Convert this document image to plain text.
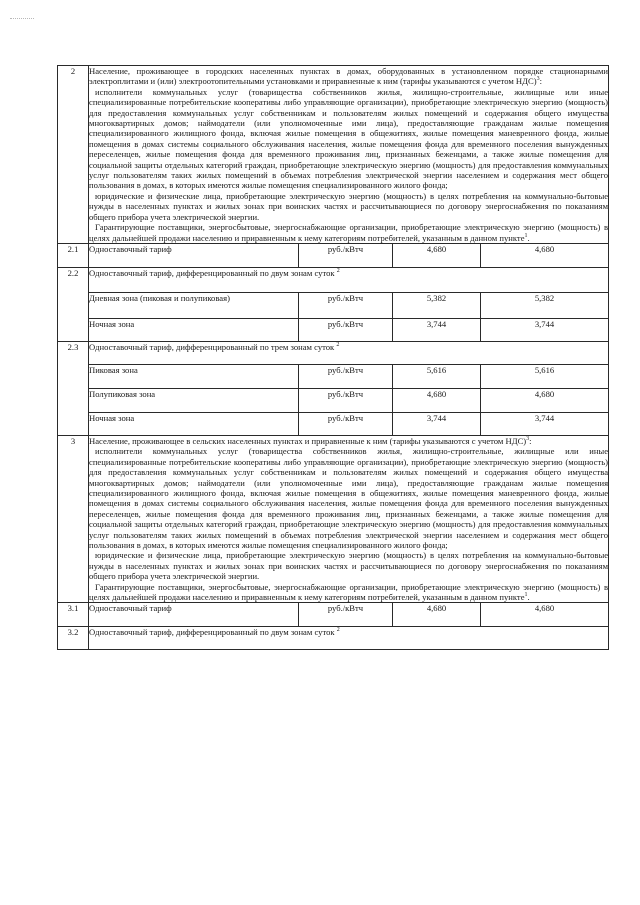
2	Население, проживающее в городских населенных пунктах в домах, оборудованных в установленном порядке стационарными электроплитами и (или) электроотопительными установками и приравненные к ним (тарифы указываются с учетом НДС)$^3$:

исполнители коммунальных услуг (товарищества собственников жилья, жилищно-строительные, жилищные или иные специализированные потребительские кооперативы либо управляющие организации), приобретающие электрическую энергию (мощность) для предоставления коммунальных услуг собственникам и пользователям жилых помещений и содержания общего имущества многоквартирных домов; наймодатели (или уполномоченные ими лица), предоставляющие гражданам жилые помещения специализированного жилищного фонда, включая жилые помещения в общежитиях, жилые помещения маневренного фонда, жилые помещения в домах системы социального обслуживания населения, жилые помещения фонда для временного поселения вынужденных переселенцев, жилые помещения фонда для временного проживания лиц, признанных беженцами, а также жилые помещения для социальной защиты отдельных категорий граждан, приобретающие электрическую энергию (мощность) для предоставления коммунальных услуг пользователям таких жилых помещений в объемах потребления электрической энергии населением и содержания мест общего пользования в домах, в которых имеются жилые помещения специализированного жилого фонда;

юридические и физические лица, приобретающие электрическую энергию (мощность) в целях потребления на коммунально-бытовые нужды в населенных пунктах и жилых зонах при воинских частях и рассчитывающиеся по договору энергоснабжения по показаниям общего прибора учета электрической энергии.

Гарантирующие поставщики, энергосбытовые, энергоснабжающие организации, приобретающие электрическую энергию (мощность) в целях дальнейшей продажи населению и приравненным к нему категориям потребителей, указанным в данном пункте$^1$.			

2.1	Одноставочный тариф	руб./кВтч	4,680	4,680
2.2	Одноставочный тариф, дифференцированный по двум зонам суток $^2$
	Дневная зона (пиковая и полупиковая)	руб./кВтч	5,382	5,382
	Ночная зона	руб./кВтч	3,744	3,744
2.3	Одноставочный тариф, дифференцированный по трем зонам суток $^2$
	Пиковая зона	руб./кВтч	5,616	5,616
	Полупиковая зона	руб./кВтч	4,680	4,680
	Ночная зона	руб./кВтч	3,744	3,744
3	Население, проживающее в сельских населенных пунктах и приравненные к ним (тарифы указываются с учетом НДС)$^3$:

исполнители коммунальных услуг (товарищества собственников жилья, жилищно-строительные, жилищные или иные специализированные потребительские кооперативы либо управляющие организации), приобретающие электрическую энергию (мощность) для предоставления коммунальных услуг собственникам и пользователям жилых помещений и содержания общего имущества многоквартирных домов; наймодатели (или уполномоченные ими лица), предоставляющие гражданам жилые помещения специализированного жилищного фонда, включая жилые помещения в общежитиях, жилые помещения маневренного фонда, жилые помещения в домах системы социального обслуживания населения, жилые помещения фонда для временного поселения вынужденных переселенцев, жилые помещения фонда для временного проживания лиц, признанных беженцами, а также жилые помещения для социальной защиты отдельных категорий граждан, приобретающие электрическую энергию (мощность) для предоставления коммунальных услуг пользователям таких жилых помещений в объемах потребления электрической энергии населением и содержания мест общего пользования в домах, в которых имеются жилые помещения специализированного жилого фонда;

юридические и физические лица, приобретающие электрическую энергию (мощность) в целях потребления на коммунально-бытовые нужды в населенных пунктах и жилых зонах при воинских частях и рассчитывающиеся по договору энергоснабжения по показаниям общего прибора учета электрической энергии.

Гарантирующие поставщики, энергосбытовые, энергоснабжающие организации, приобретающие электрическую энергию (мощность) в целях дальнейшей продажи населению и приравненным к нему категориям потребителей, указанным в данном пункте$^1$.			

3.1	Одноставочный тариф	руб./кВтч	4,680	4,680
3.2	Одноставочный тариф, дифференцированный по двум зонам суток $^2$
